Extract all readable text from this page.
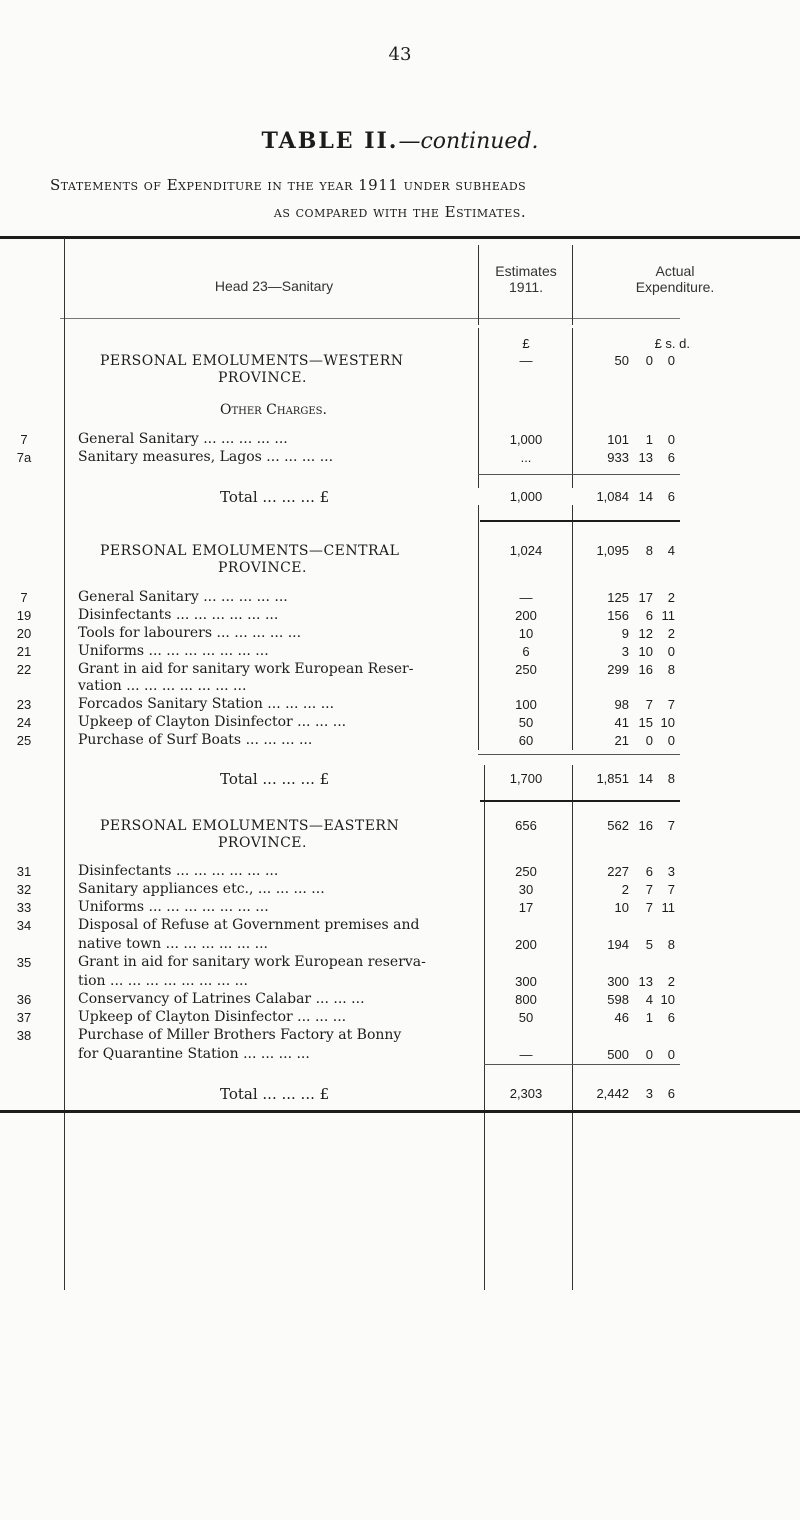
43
TABLE II.—continued.
Statements of Expenditure in the year 1911 under subheads
as compared with the Estimates.
Head 23—Sanitary
Estimates
1911.
Actual
Expenditure.
£	£ s. d.
PERSONAL EMOLUMENTS—WESTERN
PROVINCE.
—	50 0 0
Other Charges.
7	General Sanitary ... ... ... ... ...	1,000	101 1 0
7a	Sanitary measures, Lagos ... ... ... ...	...	933 13 6
Total ... ... ... £	1,000	1,084 14 6
PERSONAL EMOLUMENTS—CENTRAL
PROVINCE.
1,024	1,095 8 4
7	General Sanitary ... ... ... ... ...	—	125 17 2
19	Disinfectants ... ... ... ... ... ...	200	156 6 11
20	Tools for labourers ... ... ... ... ...	10	9 12 2
21	Uniforms ... ... ... ... ... ... ...	6	3 10 0
22	Grant in aid for sanitary work European Reser-
vation ... ... ... ... ... ... ...
250	299 16 8
23	Forcados Sanitary Station ... ... ... ...	100	98 7 7
24	Upkeep of Clayton Disinfector ... ... ...	50	41 15 10
25	Purchase of Surf Boats ... ... ... ...	60	21 0 0
Total ... ... ... £	1,700	1,851 14 8
PERSONAL EMOLUMENTS—EASTERN
PROVINCE.
656	562 16 7
31	Disinfectants ... ... ... ... ... ...	250	227 6 3
32	Sanitary appliances etc., ... ... ... ...	30	2 7 7
33	Uniforms ... ... ... ... ... ... ...	17	10 7 11
34	Disposal of Refuse at Government premises and
native town ... ... ... ... ... ...	200	194 5 8
35	Grant in aid for sanitary work European reserva-
tion ... ... ... ... ... ... ... ...	300	300 13 2
36	Conservancy of Latrines Calabar ... ... ...	800	598 4 10
37	Upkeep of Clayton Disinfector ... ... ...	50	46 1 6
38	Purchase of Miller Brothers Factory at Bonny
for Quarantine Station ... ... ... ...	—	500 0 0
Total ... ... ... £	2,303	2,442 3 6
